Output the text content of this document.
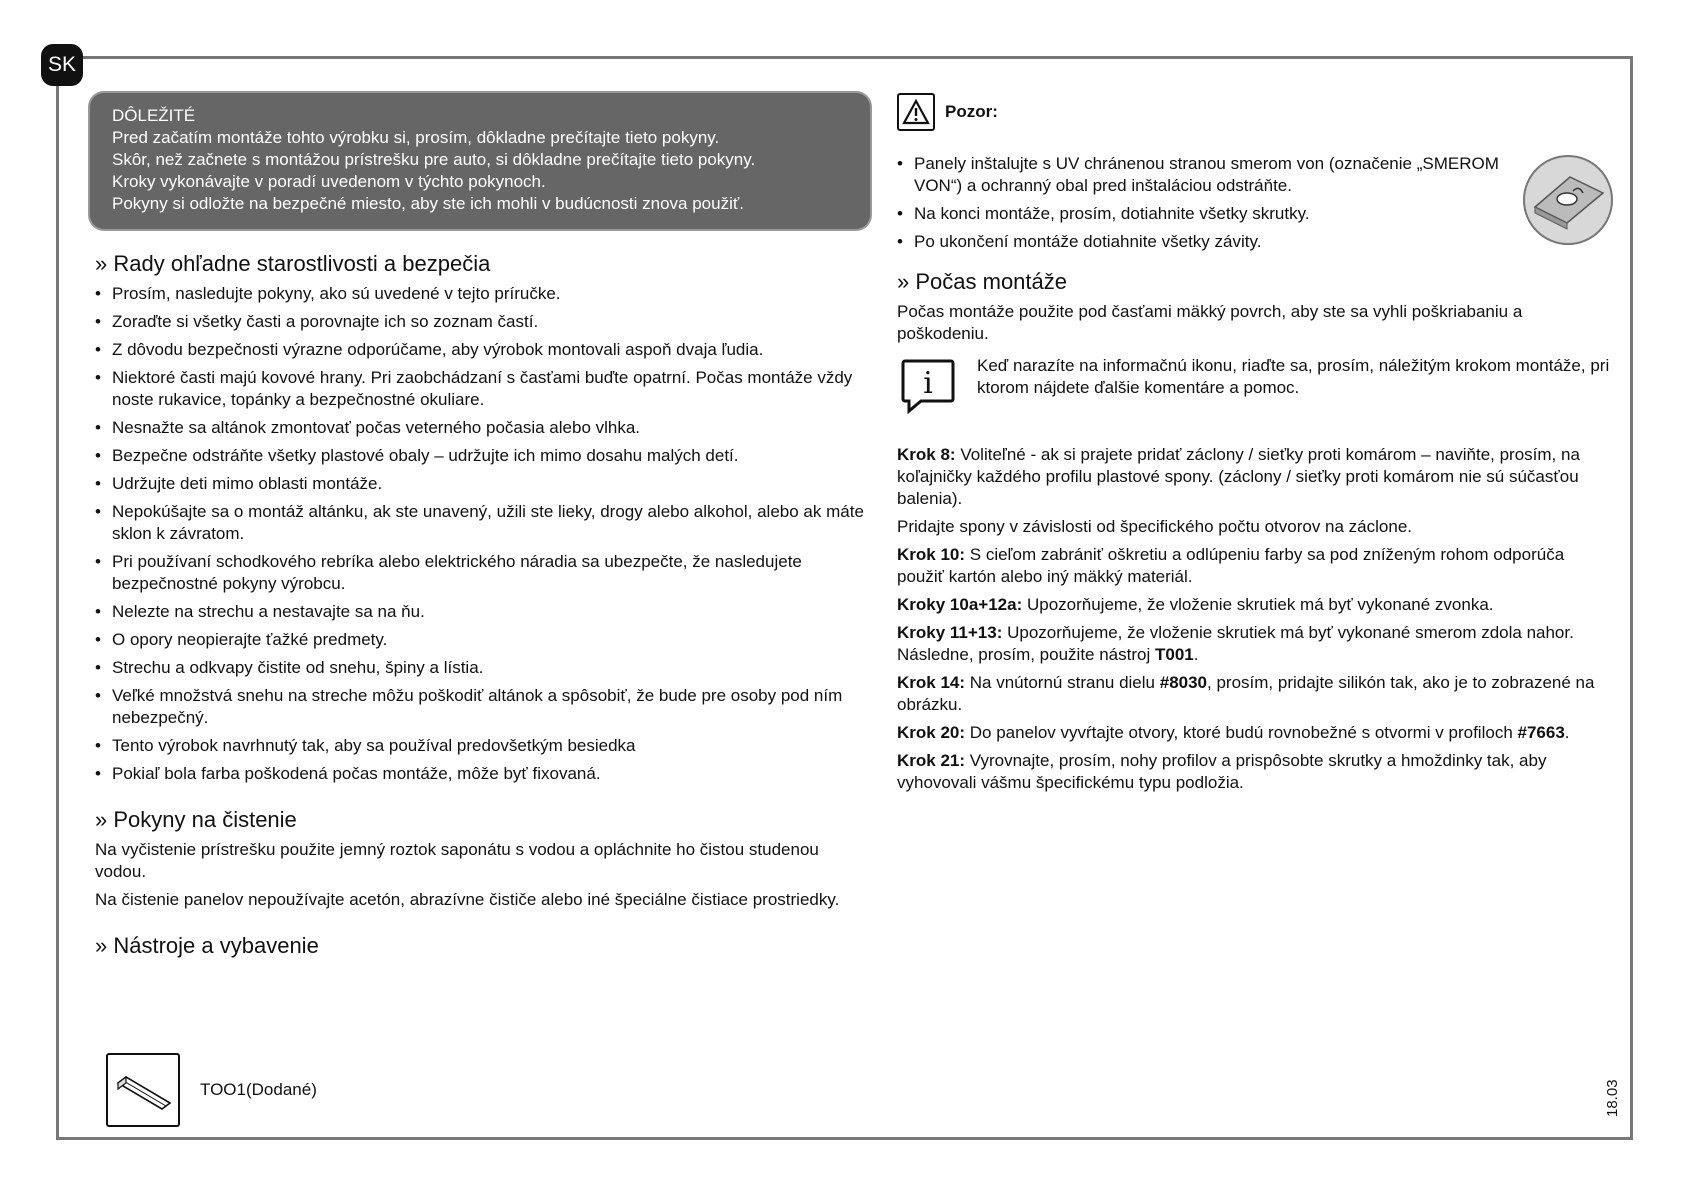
SK
DÔLEŽITÉ
Pred začatím montáže tohto výrobku si, prosím, dôkladne prečítajte tieto pokyny.
Skôr, než začnete s montážou prístrešku pre auto, si dôkladne prečítajte tieto pokyny.
Kroky vykonávajte v poradí uvedenom v týchto pokynoch.
Pokyny si odložte na bezpečné miesto, aby ste ich mohli v budúcnosti znova použiť.
» Rady ohľadne starostlivosti a bezpečia
• Prosím, nasledujte pokyny, ako sú uvedené v tejto príručke.
• Zoraďte si všetky časti a porovnajte ich so zoznam častí.
• Z dôvodu bezpečnosti výrazne odporúčame, aby výrobok montovali aspoň dvaja ľudia.
• Niektoré časti majú kovové hrany. Pri zaobchádzaní s časťami buďte opatrní. Počas montáže vždy noste rukavice, topánky a bezpečnostné okuliare.
• Nesnažte sa altánok zmontovať počas veterného počasia alebo vlhka.
• Bezpečne odstráňte všetky plastové obaly – udržujte ich mimo dosahu malých detí.
• Udržujte deti mimo oblasti montáže.
• Nepokúšajte sa o montáž altánku, ak ste unavený, užili ste lieky, drogy alebo alkohol, alebo ak máte sklon k závratom.
• Pri používaní schodkového rebríka alebo elektrického náradia sa ubezpečte, že nasledujete bezpečnostné pokyny výrobcu.
• Nelezte na strechu a nestavajte sa na ňu.
• O opory neopierajte ťažké predmety.
• Strechu a odkvapy čistite od snehu, špiny a lístia.
• Veľké množstvá snehu na streche môžu poškodiť altánok a spôsobiť, že bude pre osoby pod ním nebezpečný.
• Tento výrobok navrhnutý tak, aby sa používal predovšetkým besiedka
• Pokiaľ bola farba poškodená počas montáže, môže byť fixovaná.
» Pokyny na čistenie
Na vyčistenie prístrešku použite jemný roztok saponátu s vodou a opláchnite ho čistou studenou vodou.
Na čistenie panelov nepoužívajte acetón, abrazívne čističe alebo iné špeciálne čistiace prostriedky.
» Nástroje a vybavenie
TOO1(Dodané)
Pozor:
• Panely inštalujte s UV chránenou stranou smerom von (označenie „SMEROM VON“) a ochranný obal pred inštaláciou odstráňte.
• Na konci montáže, prosím, dotiahnite všetky skrutky.
• Po ukončení montáže dotiahnite všetky závity.
» Počas montáže
Počas montáže použite pod časťami mäkký povrch, aby ste sa vyhli poškriabaniu a poškodeniu.
i
Keď narazíte na informačnú ikonu, riaďte sa, prosím, náležitým krokom montáže, pri ktorom nájdete ďalšie komentáre a pomoc.
Krok 8: Voliteľné - ak si prajete pridať záclony / sieťky proti komárom – naviňte, prosím, na koľajničky každého profilu plastové spony. (záclony / sieťky proti komárom nie sú súčasťou balenia).
Pridajte spony v závislosti od špecifického počtu otvorov na záclone.
Krok 10: S cieľom zabrániť oškretiu a odlúpeniu farby sa pod zníženým rohom odporúča použiť kartón alebo iný mäkký materiál.
Kroky 10a+12a: Upozorňujeme, že vloženie skrutiek má byť vykonané zvonka.
Kroky 11+13: Upozorňujeme, že vloženie skrutiek má byť vykonané smerom zdola nahor. Následne, prosím, použite nástroj T001.
Krok 14: Na vnútornú stranu dielu #8030, prosím, pridajte silikón tak, ako je to zobrazené na obrázku.
Krok 20: Do panelov vyvŕtajte otvory, ktoré budú rovnobežné s otvormi v profiloch #7663.
Krok 21: Vyrovnajte, prosím, nohy profilov a prispôsobte skrutky a hmoždinky tak, aby vyhovovali vášmu špecifickému typu podložia.
18.03
